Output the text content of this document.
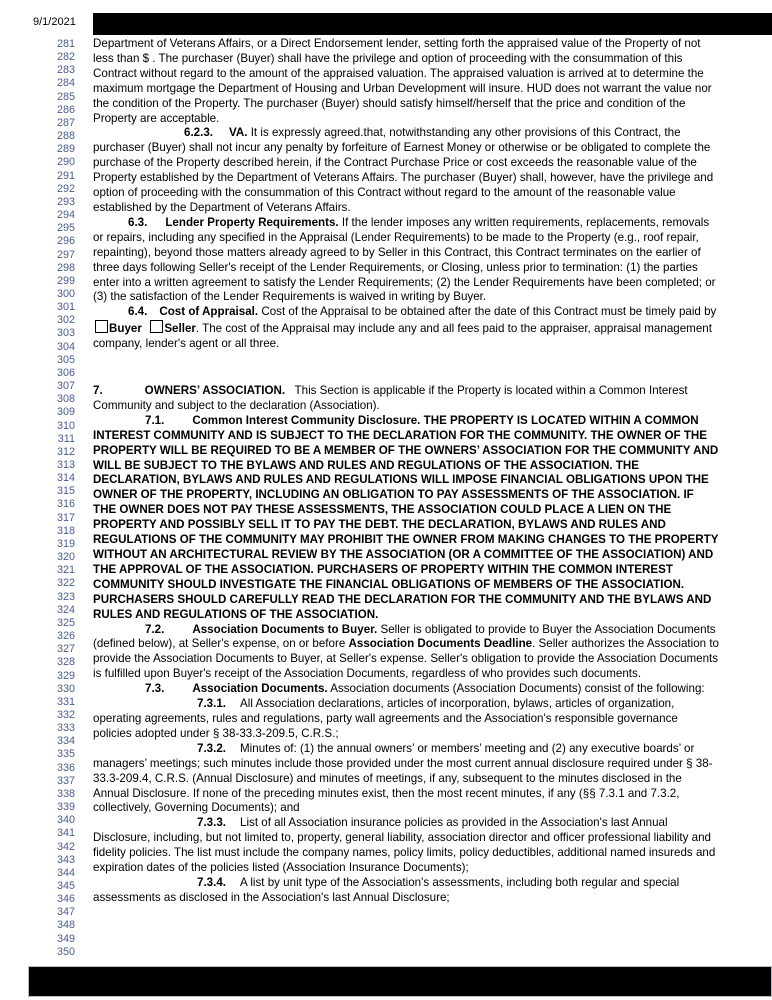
9/1/2021
281
282
283
284
285
286
287
288
289
290
291
292
293
294
295
296
297
298
299
300
301
302
303
304
305
306
307
308
309
310
311
312
313
314
315
316
317
318
319
320
321
322
323
324
325
326
327
328
329
330
331
332
333
334
335
336
337
338
339
340
341
342
343
344
345
346
347
348
349
350

Department of Veterans Affairs, or a Direct Endorsement lender, setting forth the appraised value of the Property of not less than $ . The purchaser (Buyer) shall have the privilege and option of proceeding with the consummation of this Contract without regard to the amount of the appraised valuation. The appraised valuation is arrived at to determine the maximum mortgage the Department of Housing and Urban Development will insure. HUD does not warrant the value nor the condition of the Property. The purchaser (Buyer) should satisfy himself/herself that the price and condition of the Property are acceptable.

6.2.3. VA. It is expressly agreed.that, notwithstanding any other provisions of this Contract, the purchaser (Buyer) shall not incur any penalty by forfeiture of Earnest Money or otherwise or be obligated to complete the purchase of the Property described herein, if the Contract Purchase Price or cost exceeds the reasonable value of the Property established by the Department of Veterans Affairs. The purchaser (Buyer) shall, however, have the privilege and option of proceeding with the consummation of this Contract without regard to the amount of the reasonable value established by the Department of Veterans Affairs.

6.3. Lender Property Requirements. If the lender imposes any written requirements, replacements, removals or repairs, including any specified in the Appraisal (Lender Requirements) to be made to the Property (e.g., roof repair, repainting), beyond those matters already agreed to by Seller in this Contract, this Contract terminates on the earlier of three days following Seller's receipt of the Lender Requirements, or Closing, unless prior to termination: (1) the parties enter into a written agreement to satisfy the Lender Requirements; (2) the Lender Requirements have been completed; or (3) the satisfaction of the Lender Requirements is waived in writing by Buyer.

6.4. Cost of Appraisal. Cost of the Appraisal to be obtained after the date of this Contract must be timely paid by Buyer Seller. The cost of the Appraisal may include any and all fees paid to the appraiser, appraisal management company, lender's agent or all three.

7.	OWNERS’ ASSOCIATION.   This Section is applicable if the Property is located within a Common Interest Community and subject to the declaration (Association).

7.1. Common Interest Community Disclosure. THE PROPERTY IS LOCATED WITHIN A COMMON INTEREST COMMUNITY AND IS SUBJECT TO THE DECLARATION FOR THE COMMUNITY. THE OWNER OF THE PROPERTY WILL BE REQUIRED TO BE A MEMBER OF THE OWNERS’ ASSOCIATION FOR THE COMMUNITY AND WILL BE SUBJECT TO THE BYLAWS AND RULES AND REGULATIONS OF THE ASSOCIATION. THE DECLARATION, BYLAWS AND RULES AND REGULATIONS WILL IMPOSE FINANCIAL OBLIGATIONS UPON THE OWNER OF THE PROPERTY, INCLUDING AN OBLIGATION TO PAY ASSESSMENTS OF THE ASSOCIATION. IF THE OWNER DOES NOT PAY THESE ASSESSMENTS, THE ASSOCIATION COULD PLACE A LIEN ON THE PROPERTY AND POSSIBLY SELL IT TO PAY THE DEBT. THE DECLARATION, BYLAWS AND RULES AND REGULATIONS OF THE COMMUNITY MAY PROHIBIT THE OWNER FROM MAKING CHANGES TO THE PROPERTY WITHOUT AN ARCHITECTURAL REVIEW BY THE ASSOCIATION (OR A COMMITTEE OF THE ASSOCIATION) AND THE APPROVAL OF THE ASSOCIATION. PURCHASERS OF PROPERTY WITHIN THE COMMON INTEREST COMMUNITY SHOULD INVESTIGATE THE FINANCIAL OBLIGATIONS OF MEMBERS OF THE ASSOCIATION. PURCHASERS SHOULD CAREFULLY READ THE DECLARATION FOR THE COMMUNITY AND THE BYLAWS AND RULES AND REGULATIONS OF THE ASSOCIATION.

7.2. Association Documents to Buyer. Seller is obligated to provide to Buyer the Association Documents (defined below), at Seller's expense, on or before Association Documents Deadline. Seller authorizes the Association to provide the Association Documents to Buyer, at Seller's expense. Seller's obligation to provide the Association Documents is fulfilled upon Buyer's receipt of the Association Documents, regardless of who provides such documents.

7.3. Association Documents. Association documents (Association Documents) consist of the following:

7.3.1. All Association declarations, articles of incorporation, bylaws, articles of organization, operating agreements, rules and regulations, party wall agreements and the Association's responsible governance policies adopted under § 38-33.3-209.5, C.R.S.;

7.3.2. Minutes of: (1) the annual owners’ or members’ meeting and (2) any executive boards’ or managers’ meetings; such minutes include those provided under the most current annual disclosure required under § 38-33.3-209.4, C.R.S. (Annual Disclosure) and minutes of meetings, if any, subsequent to the minutes disclosed in the Annual Disclosure. If none of the preceding minutes exist, then the most recent minutes, if any (§§ 7.3.1 and 7.3.2, collectively, Governing Documents); and

7.3.3. List of all Association insurance policies as provided in the Association's last Annual Disclosure, including, but not limited to, property, general liability, association director and officer professional liability and fidelity policies. The list must include the company names, policy limits, policy deductibles, additional named insureds and expiration dates of the policies listed (Association Insurance Documents);

7.3.4. A list by unit type of the Association's assessments, including both regular and special assessments as disclosed in the Association's last Annual Disclosure;
